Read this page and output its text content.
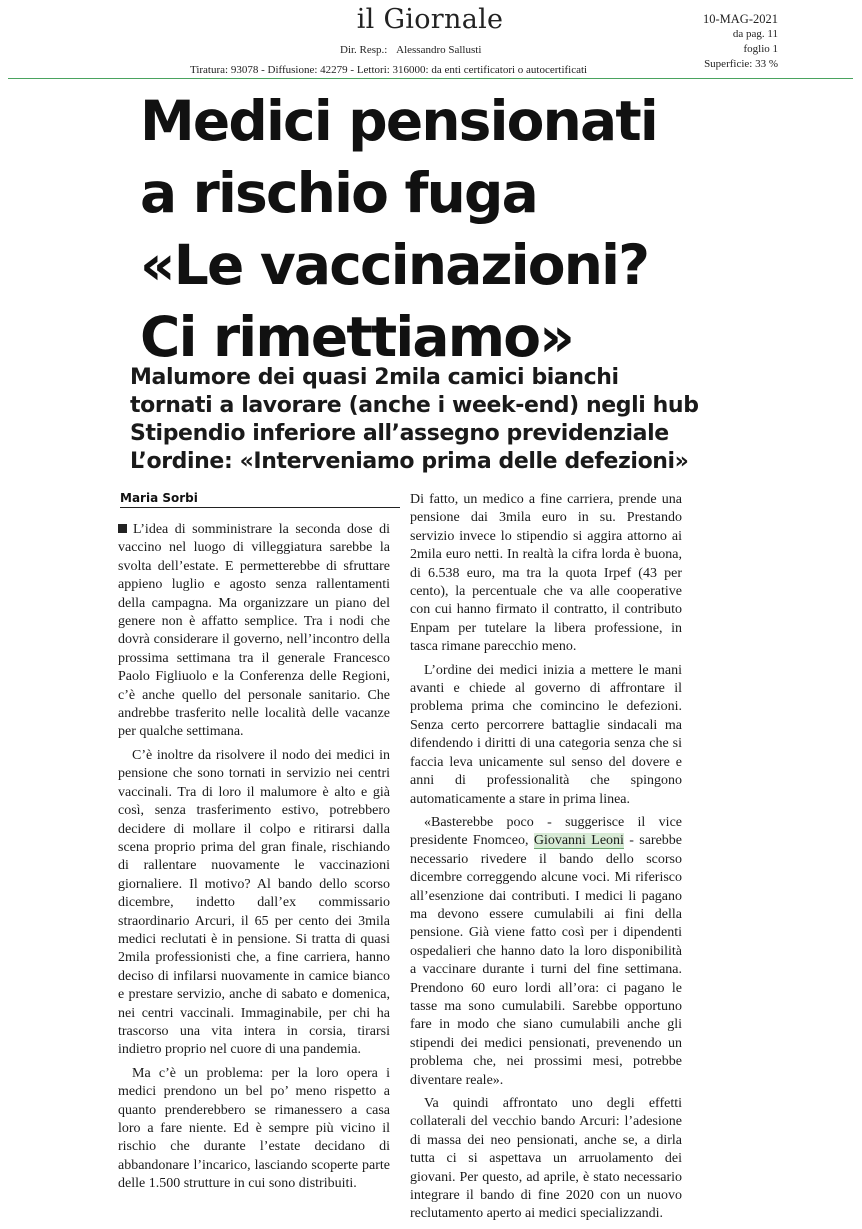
il Giornale
Dir. Resp.: Alessandro Sallusti
Tiratura: 93078 - Diffusione: 42279 - Lettori: 316000: da enti certificatori o autocertificati
10-MAG-2021
da pag. 11
foglio 1
Superficie: 33 %
Medici pensionati
a rischio fuga
«Le vaccinazioni?
Ci rimettiamo»
Malumore dei quasi 2mila camici bianchi
tornati a lavorare (anche i week-end) negli hub
Stipendio inferiore all’assegno previdenziale
L’ordine: «Interveniamo prima delle defezioni»
Maria Sorbi

L’idea di somministrare la seconda dose di vaccino nel luogo di villeggiatura sarebbe la svolta dell’estate. E permetterebbe di sfruttare appieno luglio e agosto senza rallentamenti della campagna. Ma organizzare un piano del genere non è affatto semplice. Tra i nodi che dovrà considerare il governo, nell’incontro della prossima settimana tra il generale Francesco Paolo Figliuolo e la Conferenza delle Regioni, c’è anche quello del personale sanitario. Che andrebbe trasferito nelle località delle vacanze per qualche settimana.

C’è inoltre da risolvere il nodo dei medici in pensione che sono tornati in servizio nei centri vaccinali. Tra di loro il malumore è alto e già così, senza trasferimento estivo, potrebbero decidere di mollare il colpo e ritirarsi dalla scena proprio prima del gran finale, rischiando di rallentare nuovamente le vaccinazioni giornaliere. Il motivo? Al bando dello scorso dicembre, indetto dall’ex commissario straordinario Arcuri, il 65 per cento dei 3mila medici reclutati è in pensione. Si tratta di quasi 2mila professionisti che, a fine carriera, hanno deciso di infilarsi nuovamente in camice bianco e prestare servizio, anche di sabato e domenica, nei centri vaccinali. Immaginabile, per chi ha trascorso una vita intera in corsia, tirarsi indietro proprio nel cuore di una pandemia.

Ma c’è un problema: per la loro opera i medici prendono un bel po’ meno rispetto a quanto prenderebbero se rimanessero a casa loro a fare niente. Ed è sempre più vicino il rischio che durante l’estate decidano di abbandonare l’incarico, lasciando scoperte parte delle 1.500 strutture in cui sono distribuiti.

Di fatto, un medico a fine carriera, prende una pensione dai 3mila euro in su. Prestando servizio invece lo stipendio si aggira attorno ai 2mila euro netti. In realtà la cifra lorda è buona, di 6.538 euro, ma tra la quota Irpef (43 per cento), la percentuale che va alle cooperative con cui hanno firmato il contratto, il contributo Enpam per tutelare la libera professione, in tasca rimane parecchio meno.

L’ordine dei medici inizia a mettere le mani avanti e chiede al governo di affrontare il problema prima che comincino le defezioni. Senza certo percorrere battaglie sindacali ma difendendo i diritti di una categoria senza che si faccia leva unicamente sul senso del dovere e anni di professionalità che spingono automaticamente a stare in prima linea.

«Basterebbe poco - suggerisce il vice presidente Fnomceo, Giovanni Leoni - sarebbe necessario rivedere il bando dello scorso dicembre correggendo alcune voci. Mi riferisco all’esenzione dai contributi. I medici li pagano ma devono essere cumulabili ai fini della pensione. Già viene fatto così per i dipendenti ospedalieri che hanno dato la loro disponibilità a vaccinare durante i turni del fine settimana. Prendono 60 euro lordi all’ora: ci pagano le tasse ma sono cumulabili. Sarebbe opportuno fare in modo che siano cumulabili anche gli stipendi dei medici pensionati, prevenendo un problema che, nei prossimi mesi, potrebbe diventare reale».

Va quindi affrontato uno degli effetti collaterali del vecchio bando Arcuri: l’adesione di massa dei neo pensionati, anche se, a dirla tutta ci si aspettava un arruolamento dei giovani. Per questo, ad aprile, è stato necessario integrare il bando di fine 2020 con un nuovo reclutamento aperto ai medici specializzandi.
